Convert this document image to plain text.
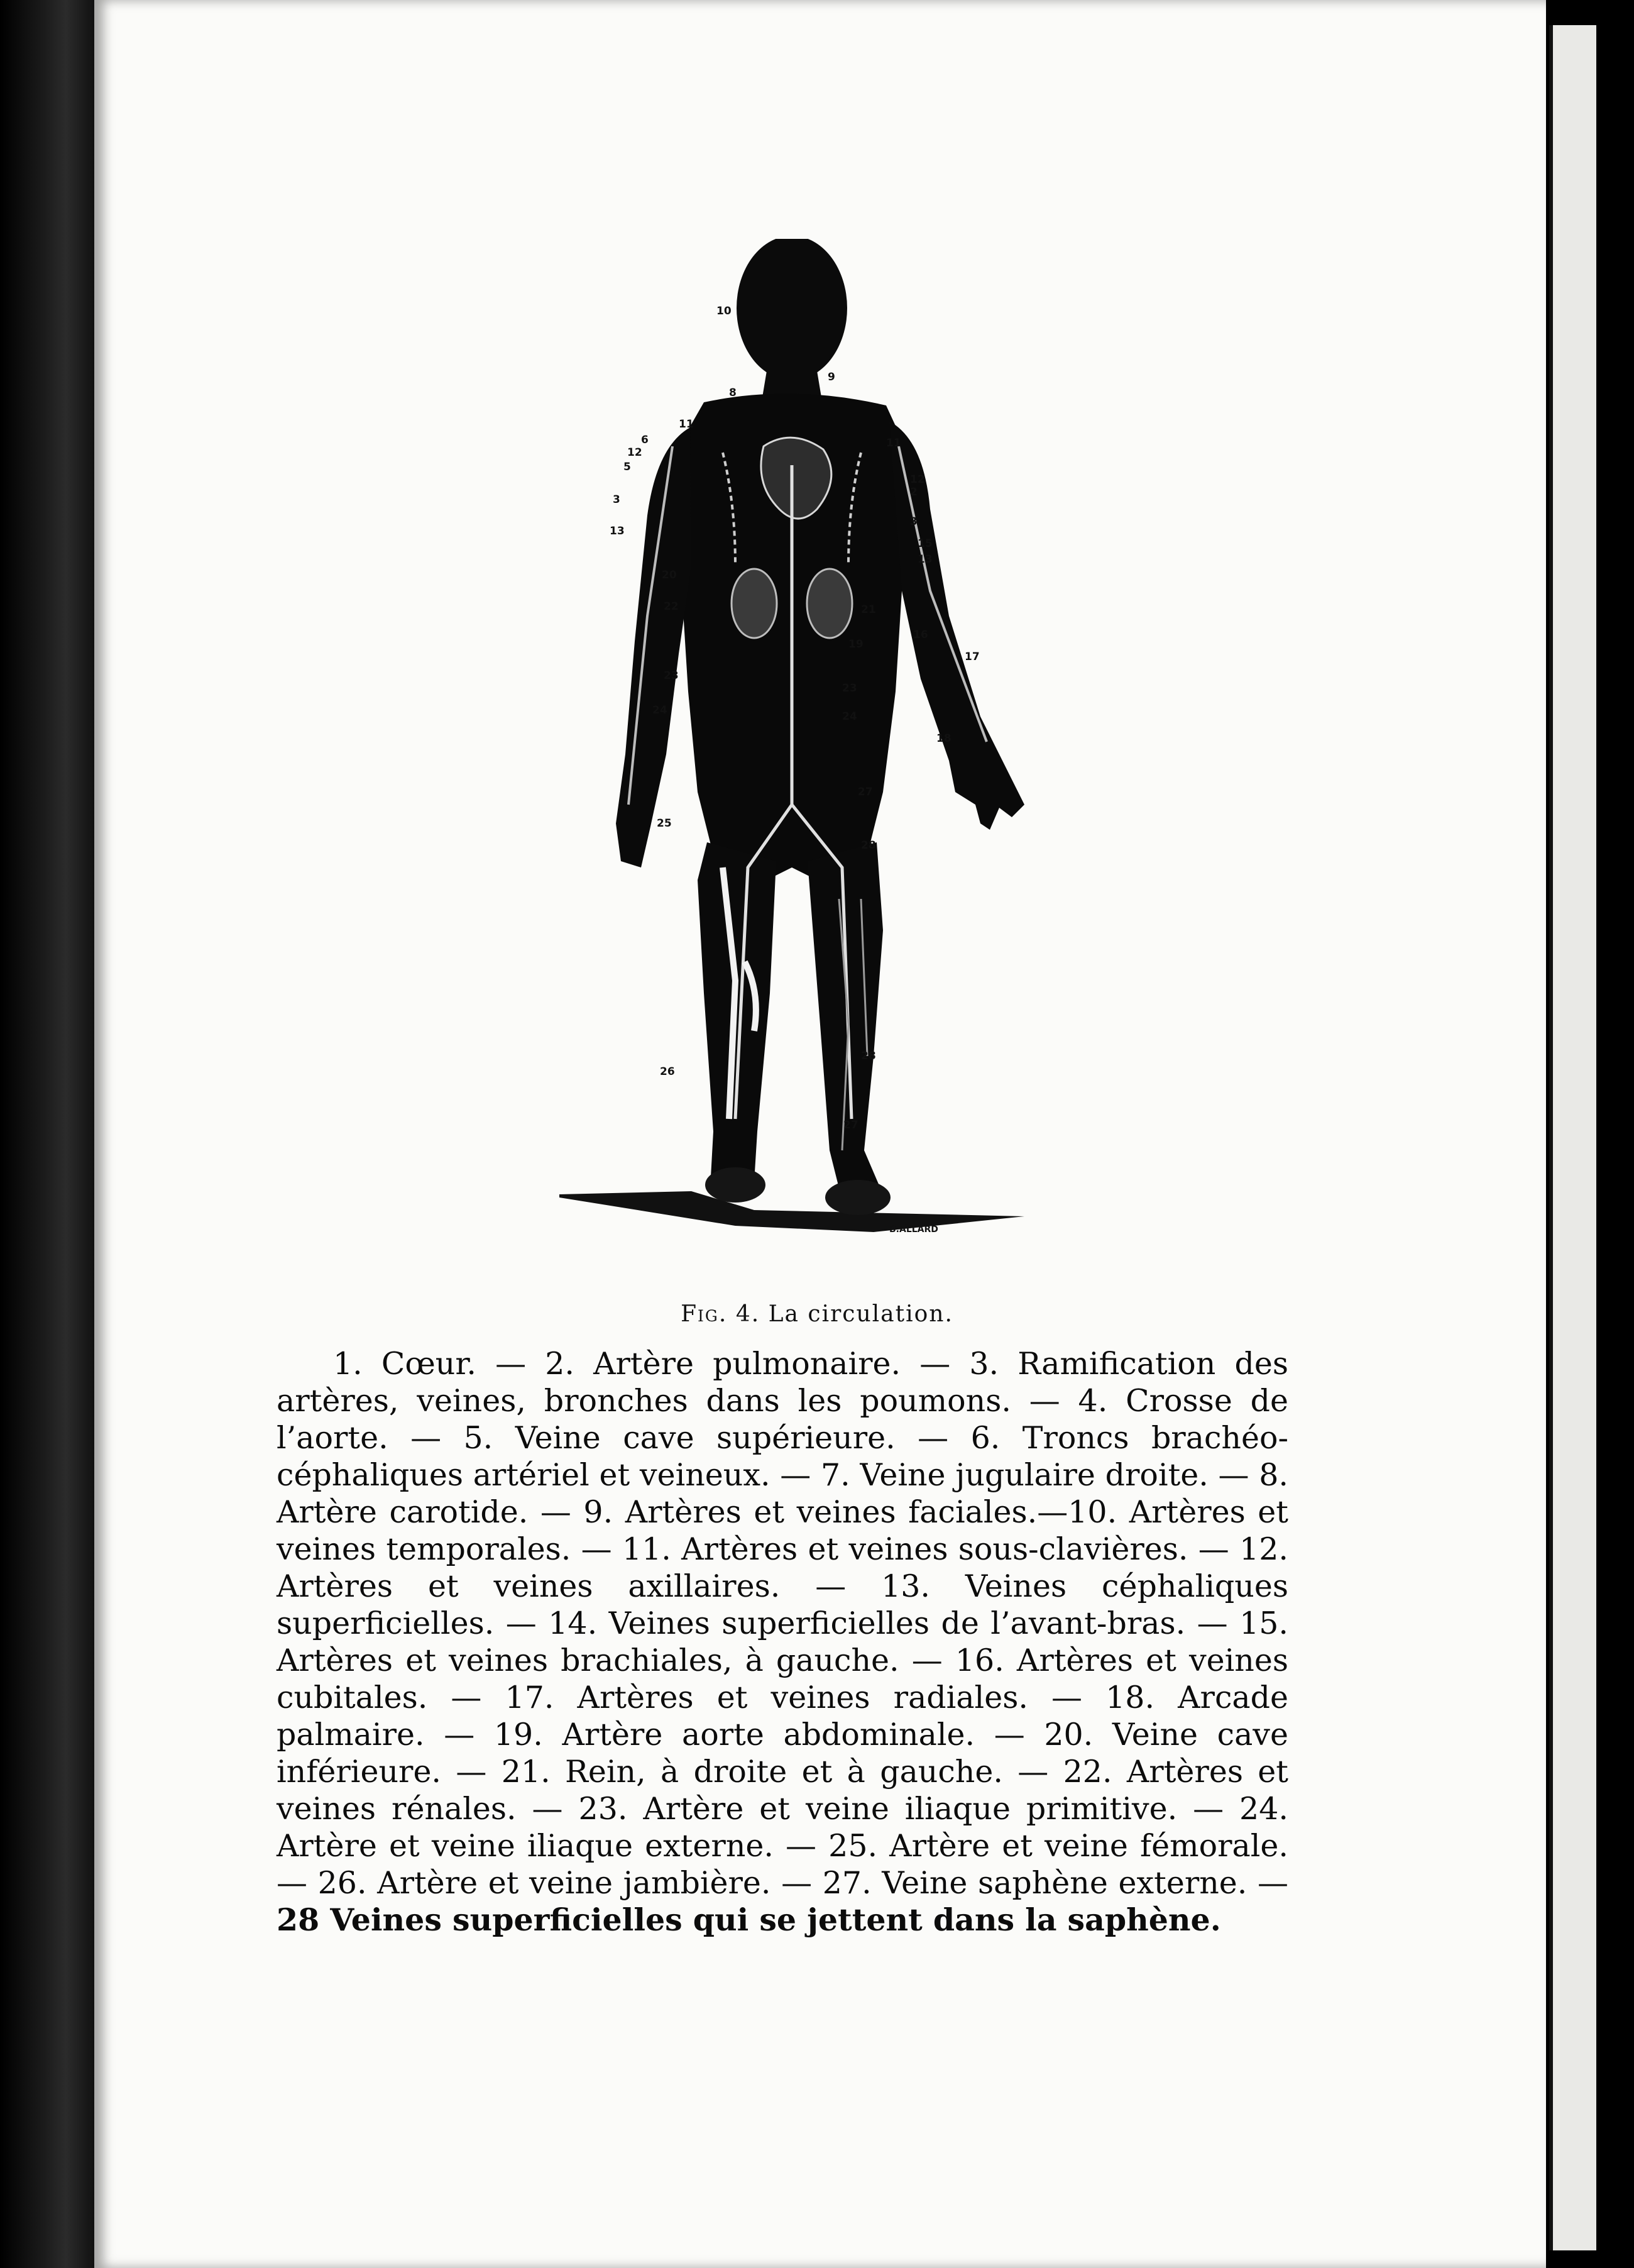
10
9
8
11
6
12
5
3
13
20
22
23
24
25
26
11
12
2
3
15
13
21
19
16
17
23
24
27
28
28
27
18
B.ALLARD
Fig. 4. La circulation.
1. Cœur. — 2. Artère pulmonaire. — 3. Ramification des artères, veines, bronches dans les poumons. — 4. Crosse de l’aorte. — 5. Veine cave supérieure. — 6. Troncs brachéo-céphaliques artériel et veineux. — 7. Veine jugulaire droite. — 8. Artère carotide. — 9. Artères et veines faciales.—10. Artères et veines temporales. — 11. Artères et veines sous-clavières. — 12. Artères et veines axillaires. — 13. Veines céphaliques superficielles. — 14. Veines superficielles de l’avant-bras. — 15. Artères et veines brachiales, à gauche. — 16. Artères et veines cubitales. — 17. Artères et veines radiales. — 18. Arcade palmaire. — 19. Artère aorte abdominale. — 20. Veine cave inférieure. — 21. Rein, à droite et à gauche. — 22. Artères et veines rénales. — 23. Artère et veine iliaque primitive. — 24. Artère et veine iliaque externe. — 25. Artère et veine fémorale. — 26. Artère et veine jambière. — 27. Veine saphène externe. — 28 Veines superficielles qui se jettent dans la saphène.
